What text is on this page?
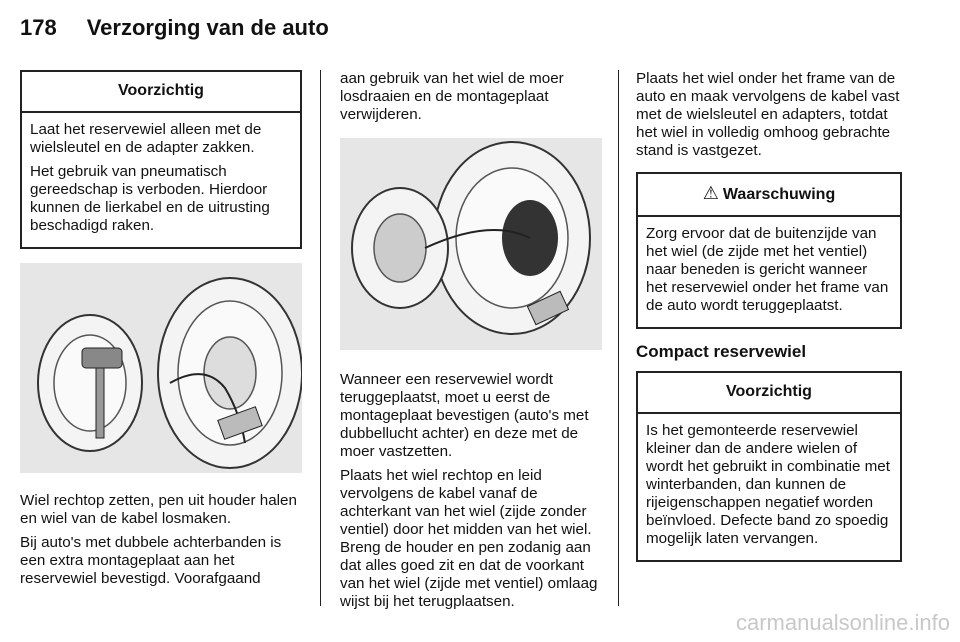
178 Verzorging van de auto
Voorzichtig

Laat het reservewiel alleen met de wielsleutel en de adapter zakken.

Het gebruik van pneumatisch gereedschap is verboden. Hierdoor kunnen de lierkabel en de uitrusting beschadigd raken.

Wiel rechtop zetten, pen uit houder halen en wiel van de kabel losmaken.

Bij auto's met dubbele achterbanden is een extra montageplaat aan het reservewiel bevestigd. Voorafgaand

aan gebruik van het wiel de moer losdraaien en de montageplaat verwijderen.

Wanneer een reservewiel wordt teruggeplaatst, moet u eerst de montageplaat bevestigen (auto's met dubbellucht achter) en deze met de moer vastzetten.

Plaats het wiel rechtop en leid vervolgens de kabel vanaf de achterkant van het wiel (zijde zonder ventiel) door het midden van het wiel. Breng de houder en pen zodanig aan dat alles goed zit en dat de voorkant van het wiel (zijde met ventiel) omlaag wijst bij het terugplaatsen.

Plaats het wiel onder het frame van de auto en maak vervolgens de kabel vast met de wielsleutel en adapters, totdat het wiel in volledig omhoog gebrachte stand is vastgezet.

⚠ Waarschuwing

Zorg ervoor dat de buitenzijde van het wiel (de zijde met het ventiel) naar beneden is gericht wanneer het reservewiel onder het frame van de auto wordt teruggeplaatst.

Compact reservewiel
Voorzichtig

Is het gemonteerde reservewiel kleiner dan de andere wielen of wordt het gebruikt in combinatie met winterbanden, dan kunnen de rijeigenschappen negatief worden beïnvloed. Defecte band zo spoedig mogelijk laten vervangen.

carmanualsonline.info
